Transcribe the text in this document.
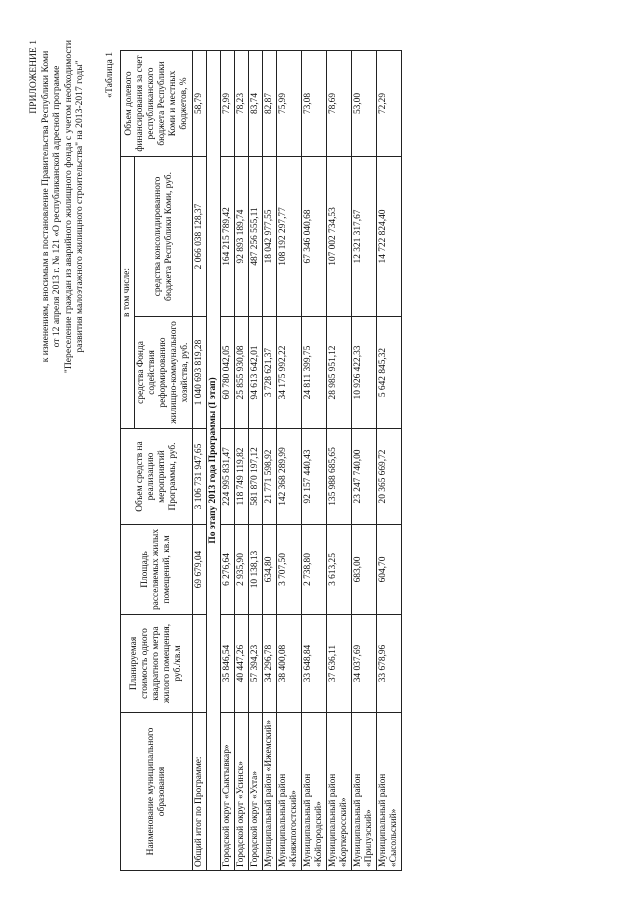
ПРИЛОЖЕНИЕ 1 к изменениям, вносимым в постановление Правительства Республики Коми от 12 апреля 2013 г. № 121 «О республиканской адресной программе "Переселение граждан из аварийного жилищного фонда с учетом необходимости развития малоэтажного жилищного строительства" на 2013-2017 годы" «Таблица 1
Наименование муниципального образования	Планируемая стоимость одного квадратного метра жилого помещения, руб./кв.м	Площадь расселяемых жилых помещений, кв.м	Объем средств на реализацию мероприятий Программы, руб.	в том числе:		Объем долевого финансирования за счет республиканского бюджета Республики Коми и местных бюджетов, %
				средства Фонда содействия реформированию жилищно-коммунального хозяйства, руб.	средства консолидированного бюджета Республики Коми, руб.	
Общий итог по Программе:		69 679,04	3 106 731 947,65	1 040 693 819,28	2 066 038 128,37	58,79
По этапу 2013 года Программы (I этап)						
Городской округ «Сыктывкар»	35 846,54	6 276,64	224 995 831,47	60 780 042,05	164 215 789,42	72,99
Городской округ «Усинск»	40 447,26	2 935,90	118 749 119,82	25 855 930,08	92 893 189,74	78,23
Городской округ «Ухта»	57 394,23	10 138,13	581 870 197,12	94 613 642,01	487 256 555,11	83,74
Муниципальный район «Ижемский»	34 296,78	634,80	21 771 598,92	3 728 621,37	18 042 977,55	82,87
Муниципальный район «Княжпогостский»	38 400,08	3 707,50	142 368 289,99	34 175 992,22	108 192 297,77	75,99
Муниципальный район «Койгородский»	33 648,84	2 738,80	92 157 440,43	24 811 399,75	67 346 040,68	73,08
Муниципальный район «Корткеросский»	37 636,11	3 613,25	135 988 685,65	28 985 951,12	107 002 734,53	78,69
Муниципальный район «Прилузский»	34 037,69	683,00	23 247 740,00	10 926 422,33	12 321 317,67	53,00
Муниципальный район «Сысольский»	33 678,96	604,70	20 365 669,72	5 642 845,32	14 722 824,40	72,29
